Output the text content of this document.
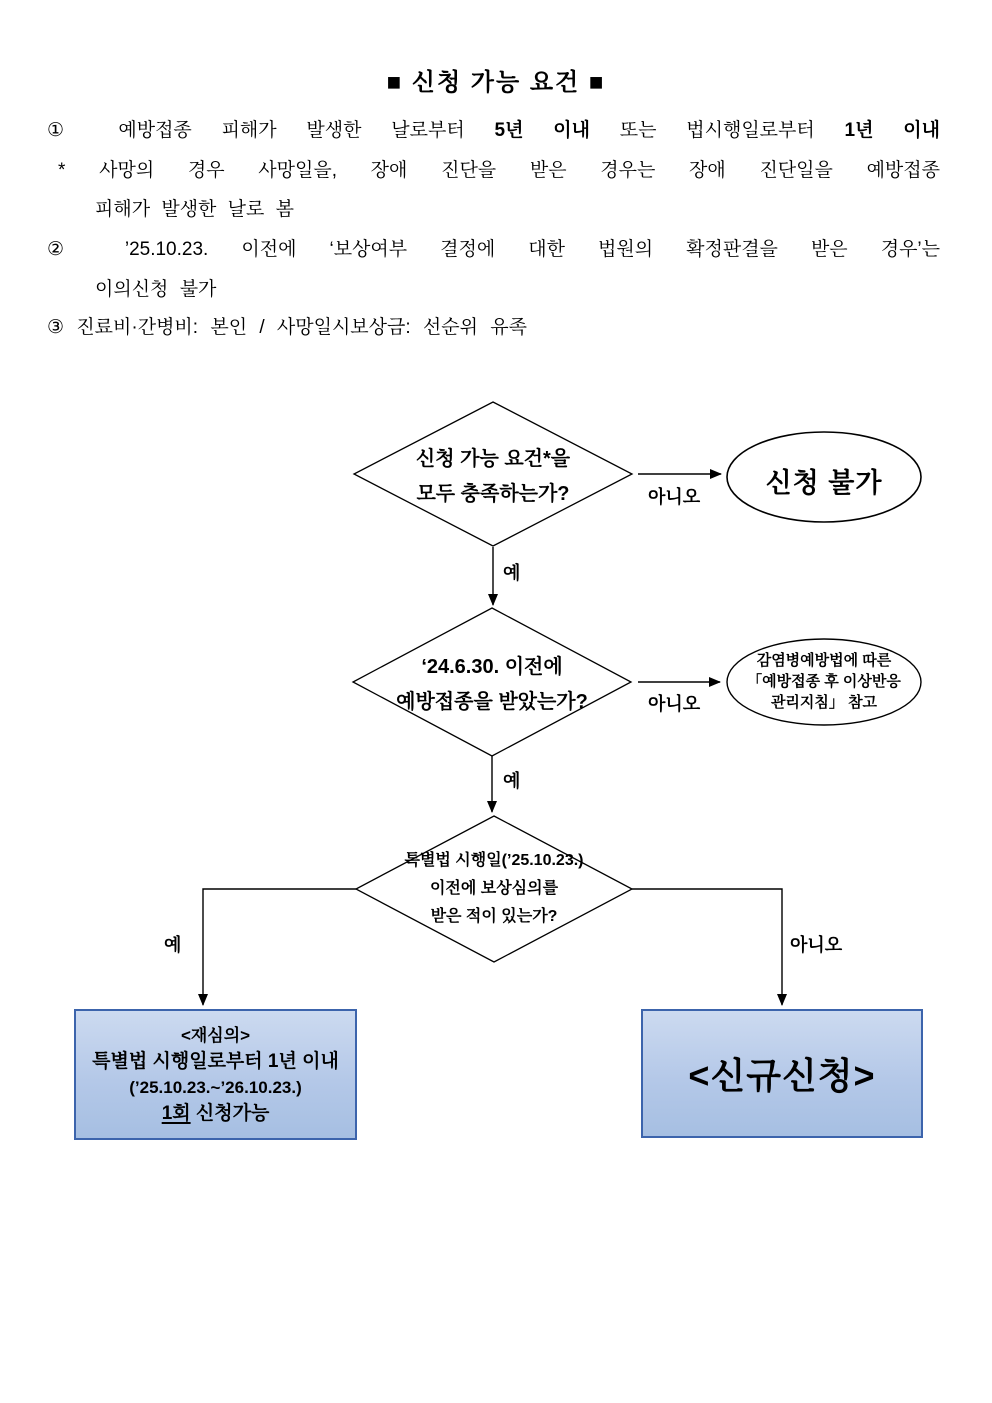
■ 신청 가능 요건 ■
① 예방접종 피해가 발생한 날로부터 5년 이내 또는 법시행일로부터 1년 이내
* 사망의 경우 사망일을, 장애 진단을 받은 경우는 장애 진단일을 예방접종
피해가 발생한 날로 봄
② ’25.10.23. 이전에 ‘보상여부 결정에 대한 법원의 확정판결을 받은 경우’는
이의신청 불가
③ 진료비·간병비: 본인 / 사망일시보상금: 선순위 유족
신청 가능 요건*을
모두 충족하는가?
‘24.6.30. 이전에
예방접종을 받았는가?
특별법 시행일(’25.10.23.)
이전에 보상심의를
받은 적이 있는가?
신청 불가
감염병예방법에 따른
「예방접종 후 이상반응
관리지침」 참고
예
아니오
예
아니오
예	아니오
<재심의>
특별법 시행일로부터 1년 이내
(’25.10.23.~’26.10.23.)
1회 신청가능
<신규신청>
